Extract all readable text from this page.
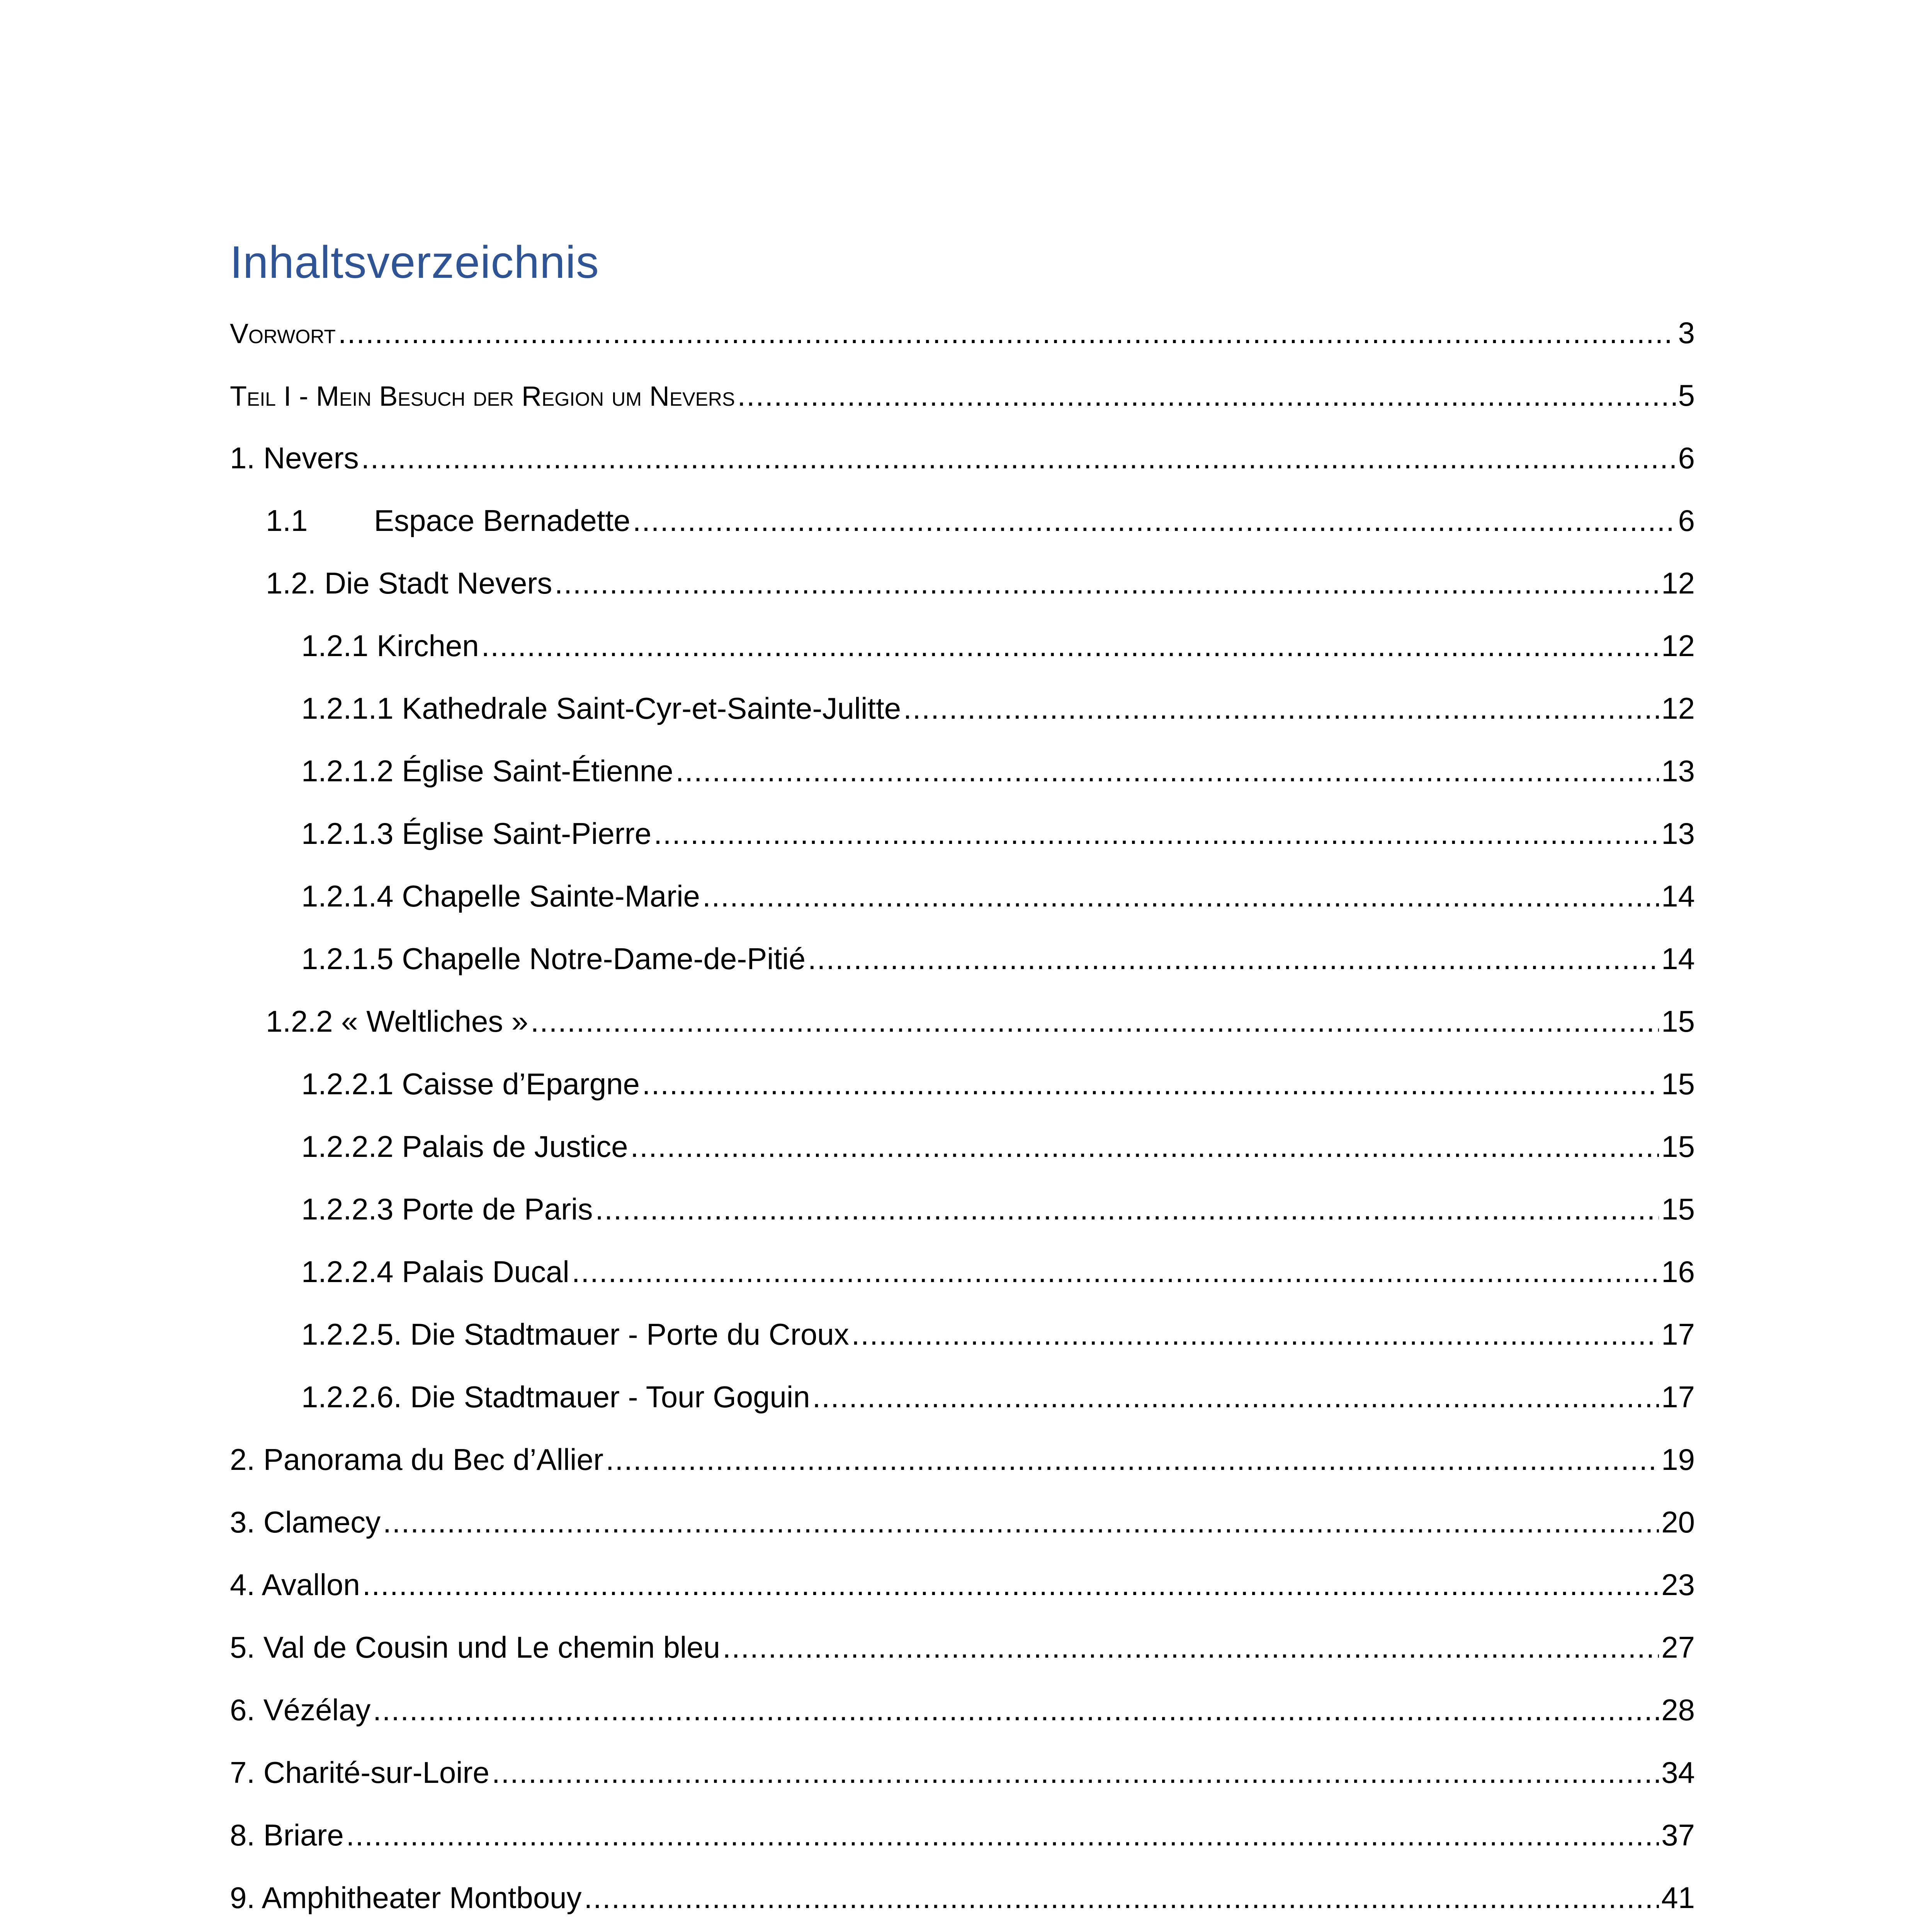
Inhaltsverzeichnis
Vorwort .....	3
Teil I - Mein Besuch der Region um Nevers .....	5
1. Nevers .....	6
1.1 Espace Bernadette .....	6
1.2. Die Stadt Nevers .....	12
1.2.1 Kirchen .....	12
1.2.1.1 Kathedrale Saint-Cyr-et-Sainte-Julitte .....	12
1.2.1.2 Église Saint-Étienne .....	13
1.2.1.3 Église Saint-Pierre .....	13
1.2.1.4 Chapelle Sainte-Marie .....	14
1.2.1.5 Chapelle Notre-Dame-de-Pitié .....	14
1.2.2 « Weltliches » .....	15
1.2.2.1 Caisse d’Epargne .....	15
1.2.2.2 Palais de Justice .....	15
1.2.2.3 Porte de Paris .....	15
1.2.2.4 Palais Ducal .....	16
1.2.2.5. Die Stadtmauer - Porte du Croux .....	17
1.2.2.6. Die Stadtmauer - Tour Goguin .....	17
2. Panorama du Bec d’Allier .....	19
3. Clamecy .....	20
4. Avallon .....	23
5. Val de Cousin und Le chemin bleu .....	27
6. Vézélay .....	28
7. Charité-sur-Loire .....	34
8. Briare .....	37
9. Amphitheater Montbouy .....	41
